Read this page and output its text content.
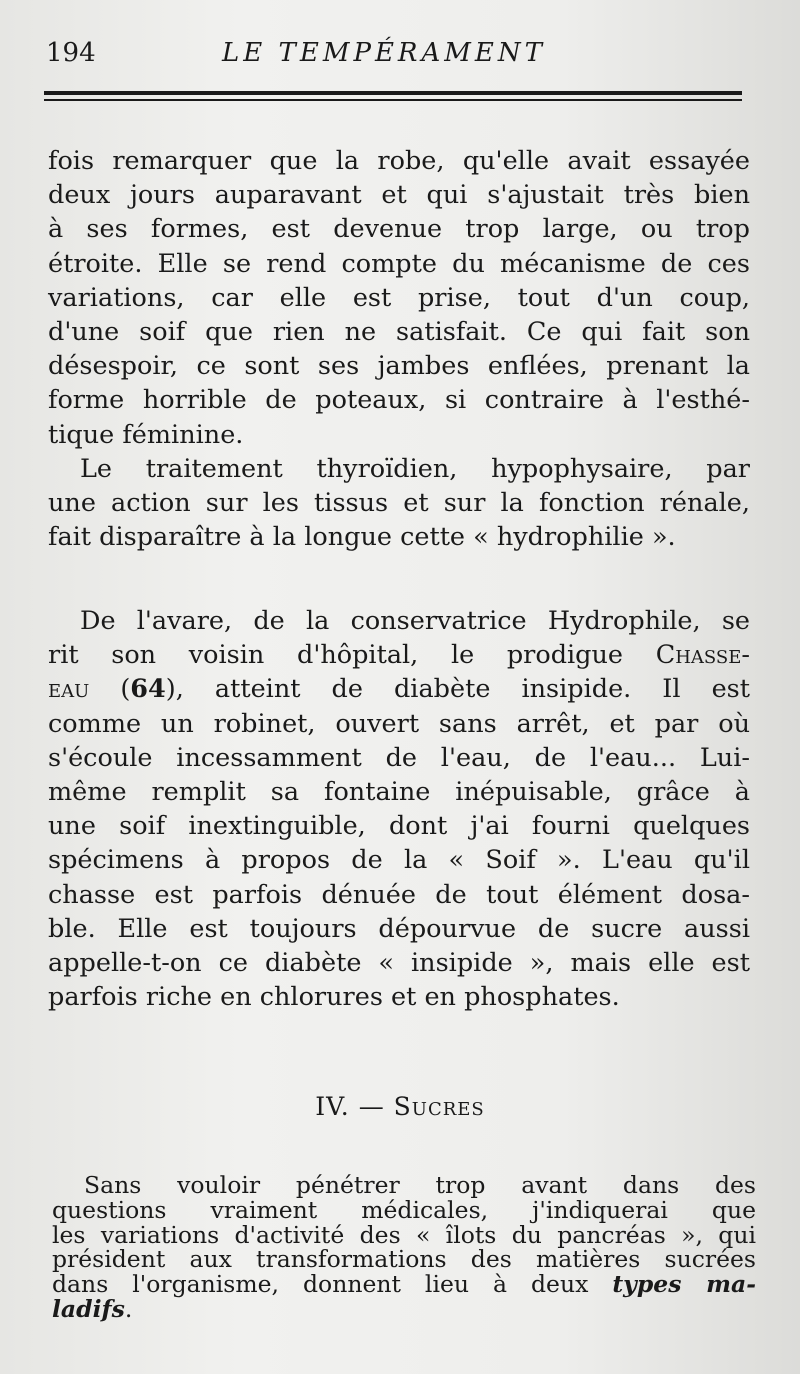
194	LE TEMPÉRAMENT
fois remarquer que la robe, qu'elle avait essayée
deux jours auparavant et qui s'ajustait très bien
à ses formes, est devenue trop large, ou trop
étroite. Elle se rend compte du mécanisme de ces
variations, car elle est prise, tout d'un coup,
d'une soif que rien ne satisfait. Ce qui fait son
désespoir, ce sont ses jambes enflées, prenant la
forme horrible de poteaux, si contraire à l'esthé-
tique féminine.
Le traitement thyroïdien, hypophysaire, par
une action sur les tissus et sur la fonction rénale,
fait disparaître à la longue cette « hydrophilie ».
De l'avare, de la conservatrice Hydrophile, se
rit son voisin d'hôpital, le prodigue Chasse-
eau (64), atteint de diabète insipide. Il est
comme un robinet, ouvert sans arrêt, et par où
s'écoule incessamment de l'eau, de l'eau... Lui-
même remplit sa fontaine inépuisable, grâce à
une soif inextinguible, dont j'ai fourni quelques
spécimens à propos de la « Soif ». L'eau qu'il
chasse est parfois dénuée de tout élément dosa-
ble. Elle est toujours dépourvue de sucre aussi
appelle-t-on ce diabète « insipide », mais elle est
parfois riche en chlorures et en phosphates.
IV. — Sucres
Sans vouloir pénétrer trop avant dans des
questions vraiment médicales, j'indiquerai que
les variations d'activité des « îlots du pancréas », qui
président aux transformations des matières sucrées
dans l'organisme, donnent lieu à deux types ma-
ladifs.
